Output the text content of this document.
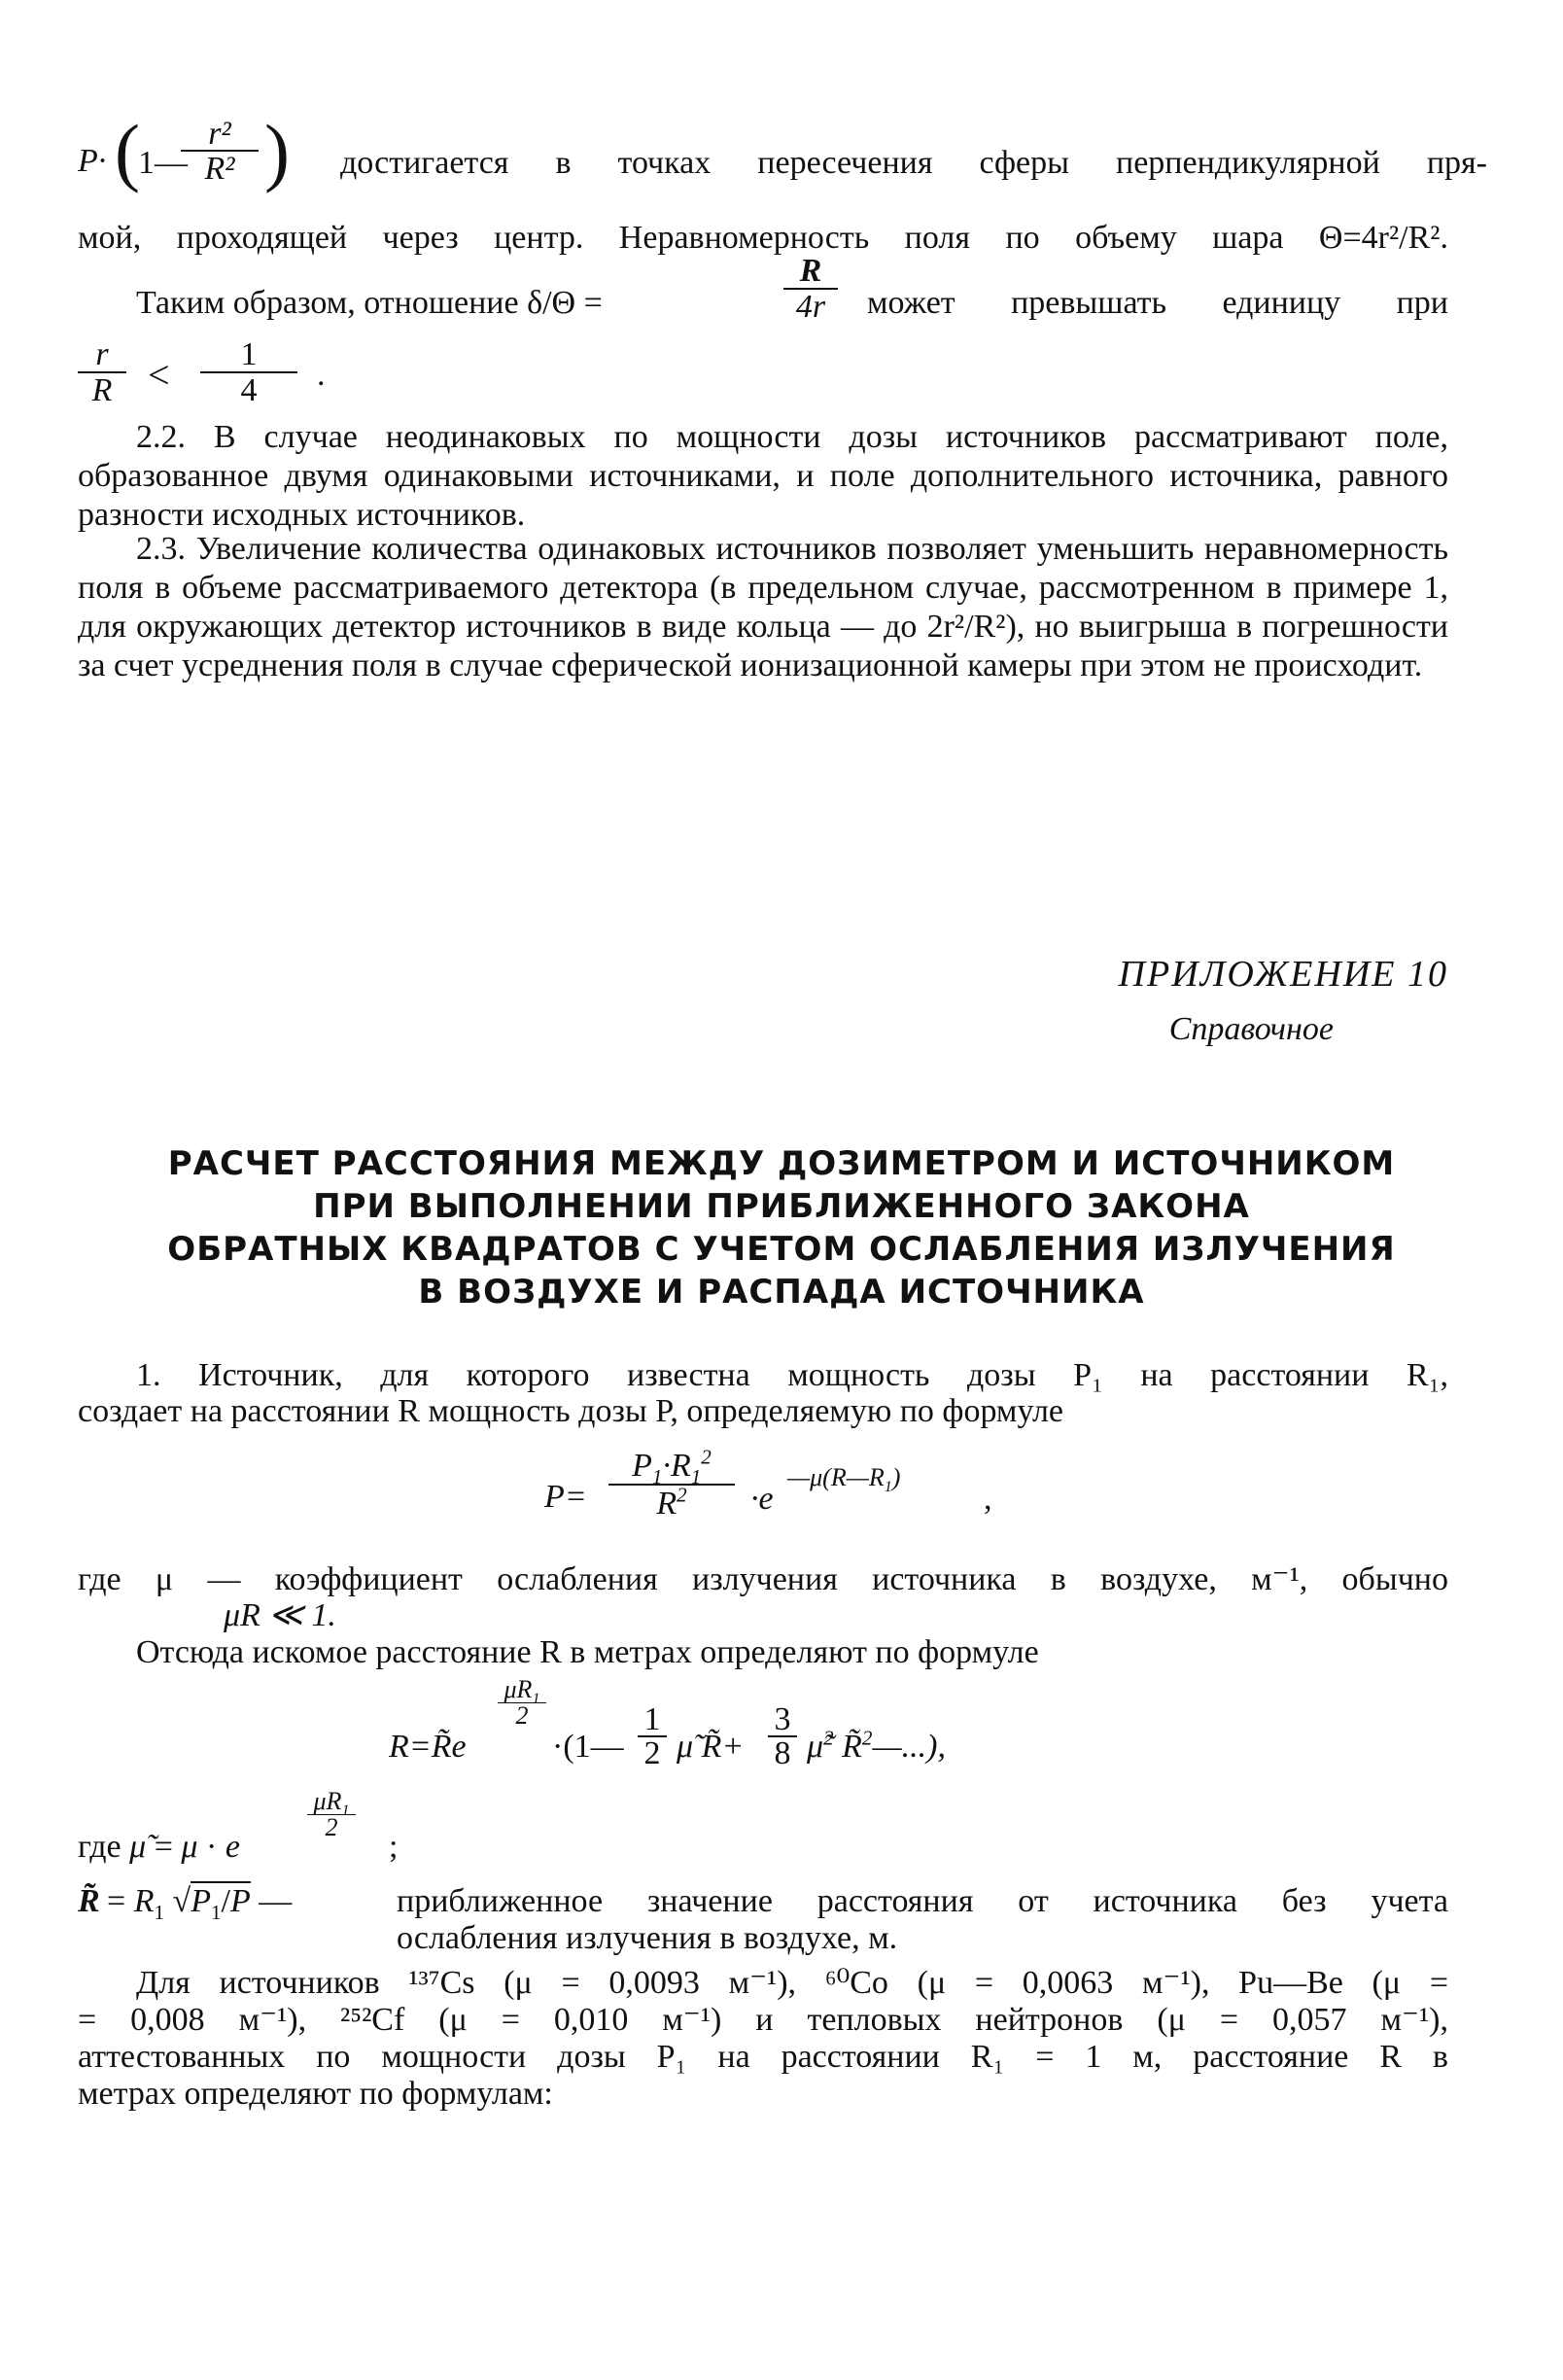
P· (
1—
$\frac{\text{r²}}{\text{R²}}$ ) достигается в точках пересечения сферы перпендикулярной пря-
мой, проходящей через центр. Неравномерность поля по объему шара Θ=4r²/R².
Таким образом, отношение δ/Θ =	$\frac{R}{4r}$ может превышать единицу при
r
R <	1
4	.
2.2. В случае неодинаковых по мощности дозы источников рассматривают поле, образованное двумя одинаковыми источниками, и поле дополнительного источника, равного разности исходных источников.
2.3. Увеличение количества одинаковых источников позволяет уменьшить неравномерность поля в объеме рассматриваемого детектора (в предельном случае, рассмотренном в примере 1, для окружающих детектор источников в виде кольца — до 2r²/R²), но выигрыша в погрешности за счет усреднения поля в случае сферической ионизационной камеры при этом не происходит.
ПРИЛОЖЕНИЕ 10
Справочное
РАСЧЕТ РАССТОЯНИЯ МЕЖДУ ДОЗИМЕТРОМ И ИСТОЧНИКОМ
ПРИ ВЫПОЛНЕНИИ ПРИБЛИЖЕННОГО ЗАКОНА
ОБРАТНЫХ КВАДРАТОВ С УЧЕТОМ ОСЛАБЛЕНИЯ ИЗЛУЧЕНИЯ
В ВОЗДУХЕ И РАСПАДА ИСТОЧНИКА
1. Источник, для которого известна мощность дозы P₁ на расстоянии R₁,
создает на расстоянии R мощность дозы P, определяемую по формуле
P=
$P_1\cdot R_1^2$
$R^2$	·e
$—\mu(R—R_1)$
,
где μ — коэффициент ослабления излучения источника в воздухе, м⁻¹, обычно
μR ≪ 1.
Отсюда искомое расстояние R в метрах определяют по формуле
R=R̃e
$\mu R_1$
2
·(1—
1
2 μ̃ R̃+
3
8 μ̃$^2$ R̃$^2$—...),
где μ̃ = μ · e
$\mu R_1$
2
;
R̃ = $R_1$ $√P_1/P$ —	приближенное значение расстояния от источника без учета
ослабления излучения в воздухе, м.
Для источников ¹³⁷Cs (μ = 0,0093 м⁻¹), ⁶⁰Co (μ = 0,0063 м⁻¹), Pu—Be (μ =
= 0,008 м⁻¹), ²⁵²Cf (μ = 0,010 м⁻¹) и тепловых нейтронов (μ = 0,057 м⁻¹),
аттестованных по мощности дозы P₁ на расстоянии R₁ = 1 м, расстояние R в
метрах определяют по формулам:
